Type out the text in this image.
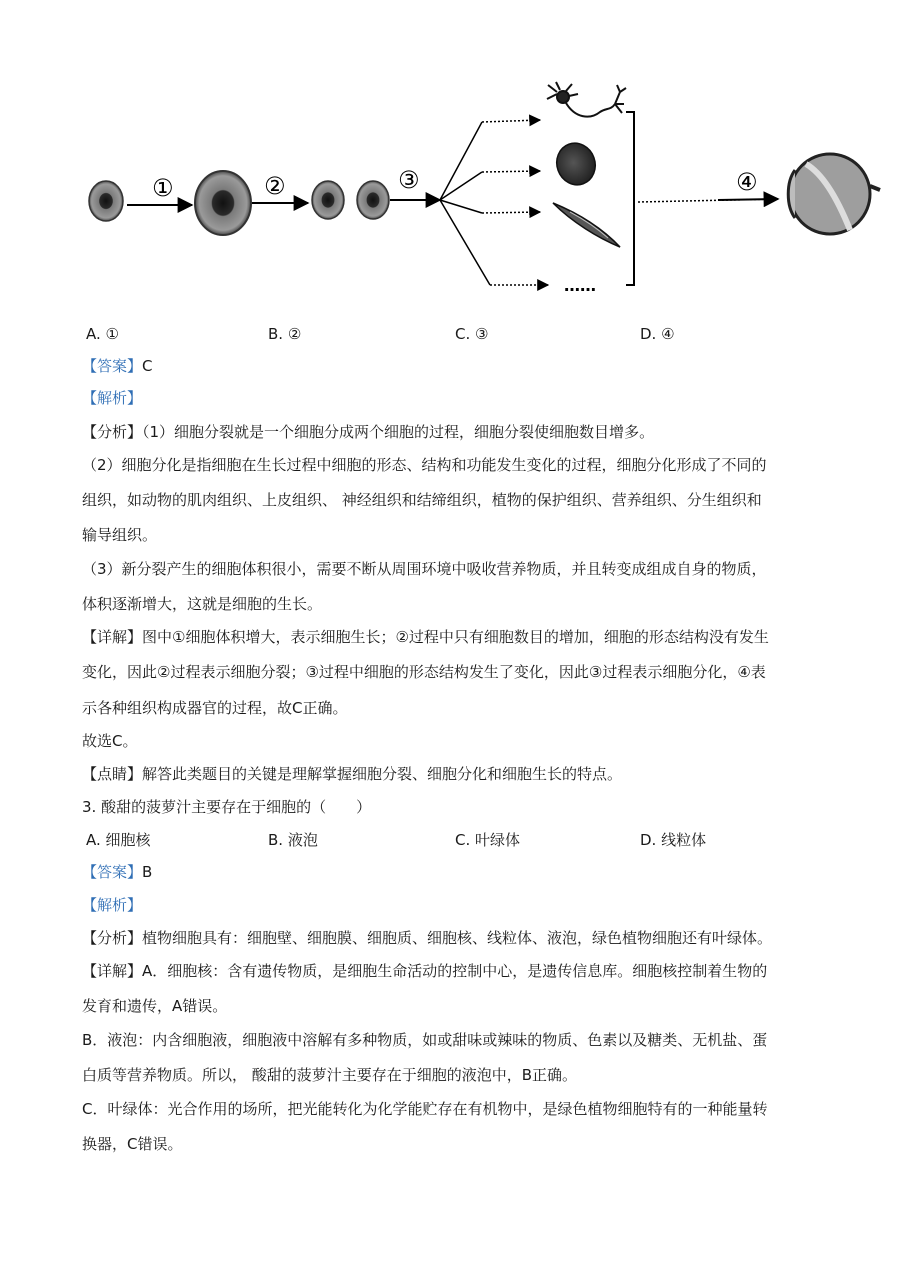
①	②	③
……
④
A. ①	B. ②	C. ③	D. ④
【答案】C
【解析】
【分析】（1）细胞分裂就是一个细胞分成两个细胞的过程，细胞分裂使细胞数目增多。
（2）细胞分化是指细胞在生长过程中细胞的形态、结构和功能发生变化的过程，细胞分化形成了不同的
组织，如动物的肌肉组织、上皮组织、 神经组织和结缔组织，植物的保护组织、营养组织、分生组织和
输导组织。
（3）新分裂产生的细胞体积很小，需要不断从周围环境中吸收营养物质，并且转变成组成自身的物质，
体积逐渐增大，这就是细胞的生长。
【详解】图中①细胞体积增大，表示细胞生长；②过程中只有细胞数目的增加，细胞的形态结构没有发生
变化，因此②过程表示细胞分裂；③过程中细胞的形态结构发生了变化，因此③过程表示细胞分化，④表
示各种组织构成器官的过程，故C正确。
故选C。
【点睛】解答此类题目的关键是理解掌握细胞分裂、细胞分化和细胞生长的特点。
3. 酸甜的菠萝汁主要存在于细胞的（　　）
A. 细胞核	B. 液泡	C. 叶绿体	D. 线粒体
【答案】B
【解析】
【分析】植物细胞具有：细胞壁、细胞膜、细胞质、细胞核、线粒体、液泡，绿色植物细胞还有叶绿体。
【详解】A．细胞核：含有遗传物质，是细胞生命活动的控制中心，是遗传信息库。细胞核控制着生物的
发育和遗传，A错误。
B．液泡：内含细胞液，细胞液中溶解有多种物质，如或甜味或辣味的物质、色素以及糖类、无机盐、蛋
白质等营养物质。所以， 酸甜的菠萝汁主要存在于细胞的液泡中，B正确。
C．叶绿体：光合作用的场所，把光能转化为化学能贮存在有机物中，是绿色植物细胞特有的一种能量转
换器，C错误。
